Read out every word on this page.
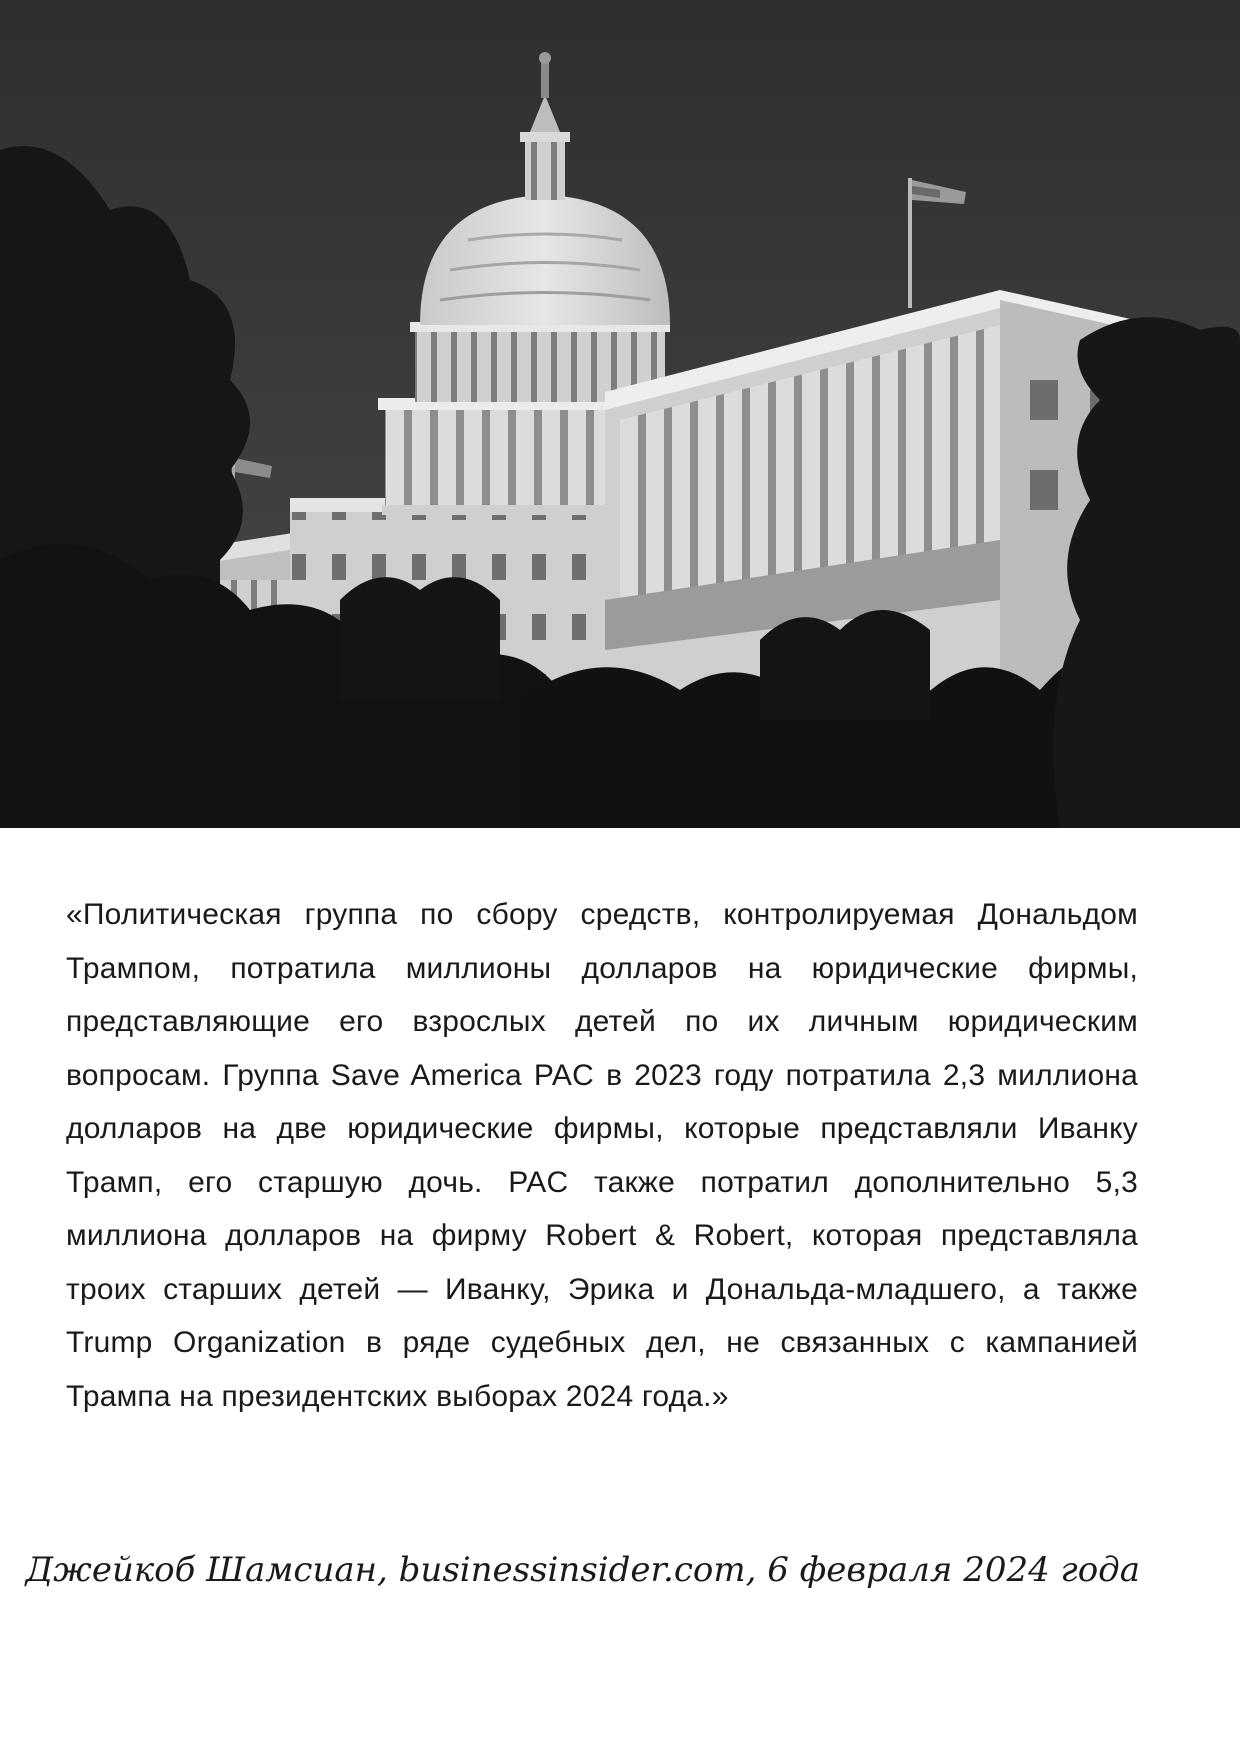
«Политическая группа по сбору средств, контролируемая Дональдом Трампом, потратила миллионы долларов на юридические фирмы, представляющие его взрослых детей по их личным юридическим вопросам. Группа Save America PAC в 2023 году потратила 2,3 миллиона долларов на две юридические фирмы, которые представляли Иванку Трамп, его старшую дочь. PAC также потратил дополнительно 5,3 миллиона долларов на фирму Robert & Robert, которая представляла троих старших детей — Иванку, Эрика и Дональда-младшего, а также Trump Organization в ряде судебных дел, не связанных с кампанией Трампа на президентских выборах 2024 года.»

Джейкоб Шамсиан, businessinsider.com, 6 февраля 2024 года
